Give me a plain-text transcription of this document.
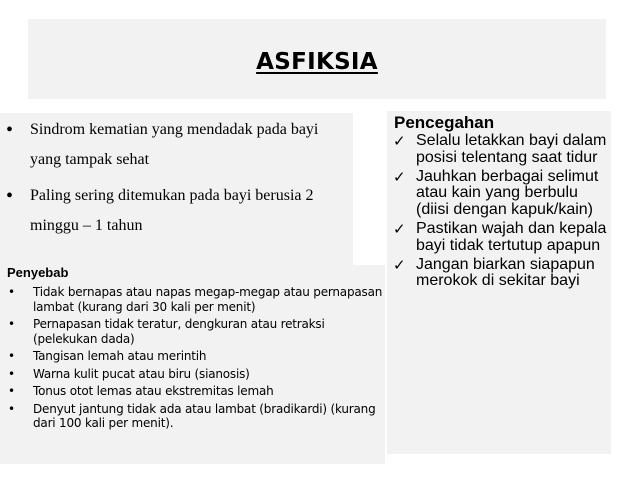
ASFIKSIA
• Sindrom kematian yang mendadak pada bayi yang tampak sehat
• Paling sering ditemukan pada bayi berusia 2 minggu – 1 tahun
Penyebab
• Tidak bernapas atau napas megap-megap atau pernapasan lambat (kurang dari 30 kali per menit)
• Pernapasan tidak teratur, dengkuran atau retraksi (pelekukan dada)
• Tangisan lemah atau merintih
• Warna kulit pucat atau biru (sianosis)
• Tonus otot lemas atau ekstremitas lemah
• Denyut jantung tidak ada atau lambat (bradikardi) (kurang dari 100 kali per menit).
Pencegahan
✓ Selalu letakkan bayi dalam posisi telentang saat tidur
✓ Jauhkan berbagai selimut atau kain yang berbulu (diisi dengan kapuk/kain)
✓ Pastikan wajah dan kepala bayi tidak tertutup apapun
✓ Jangan biarkan siapapun merokok di sekitar bayi
